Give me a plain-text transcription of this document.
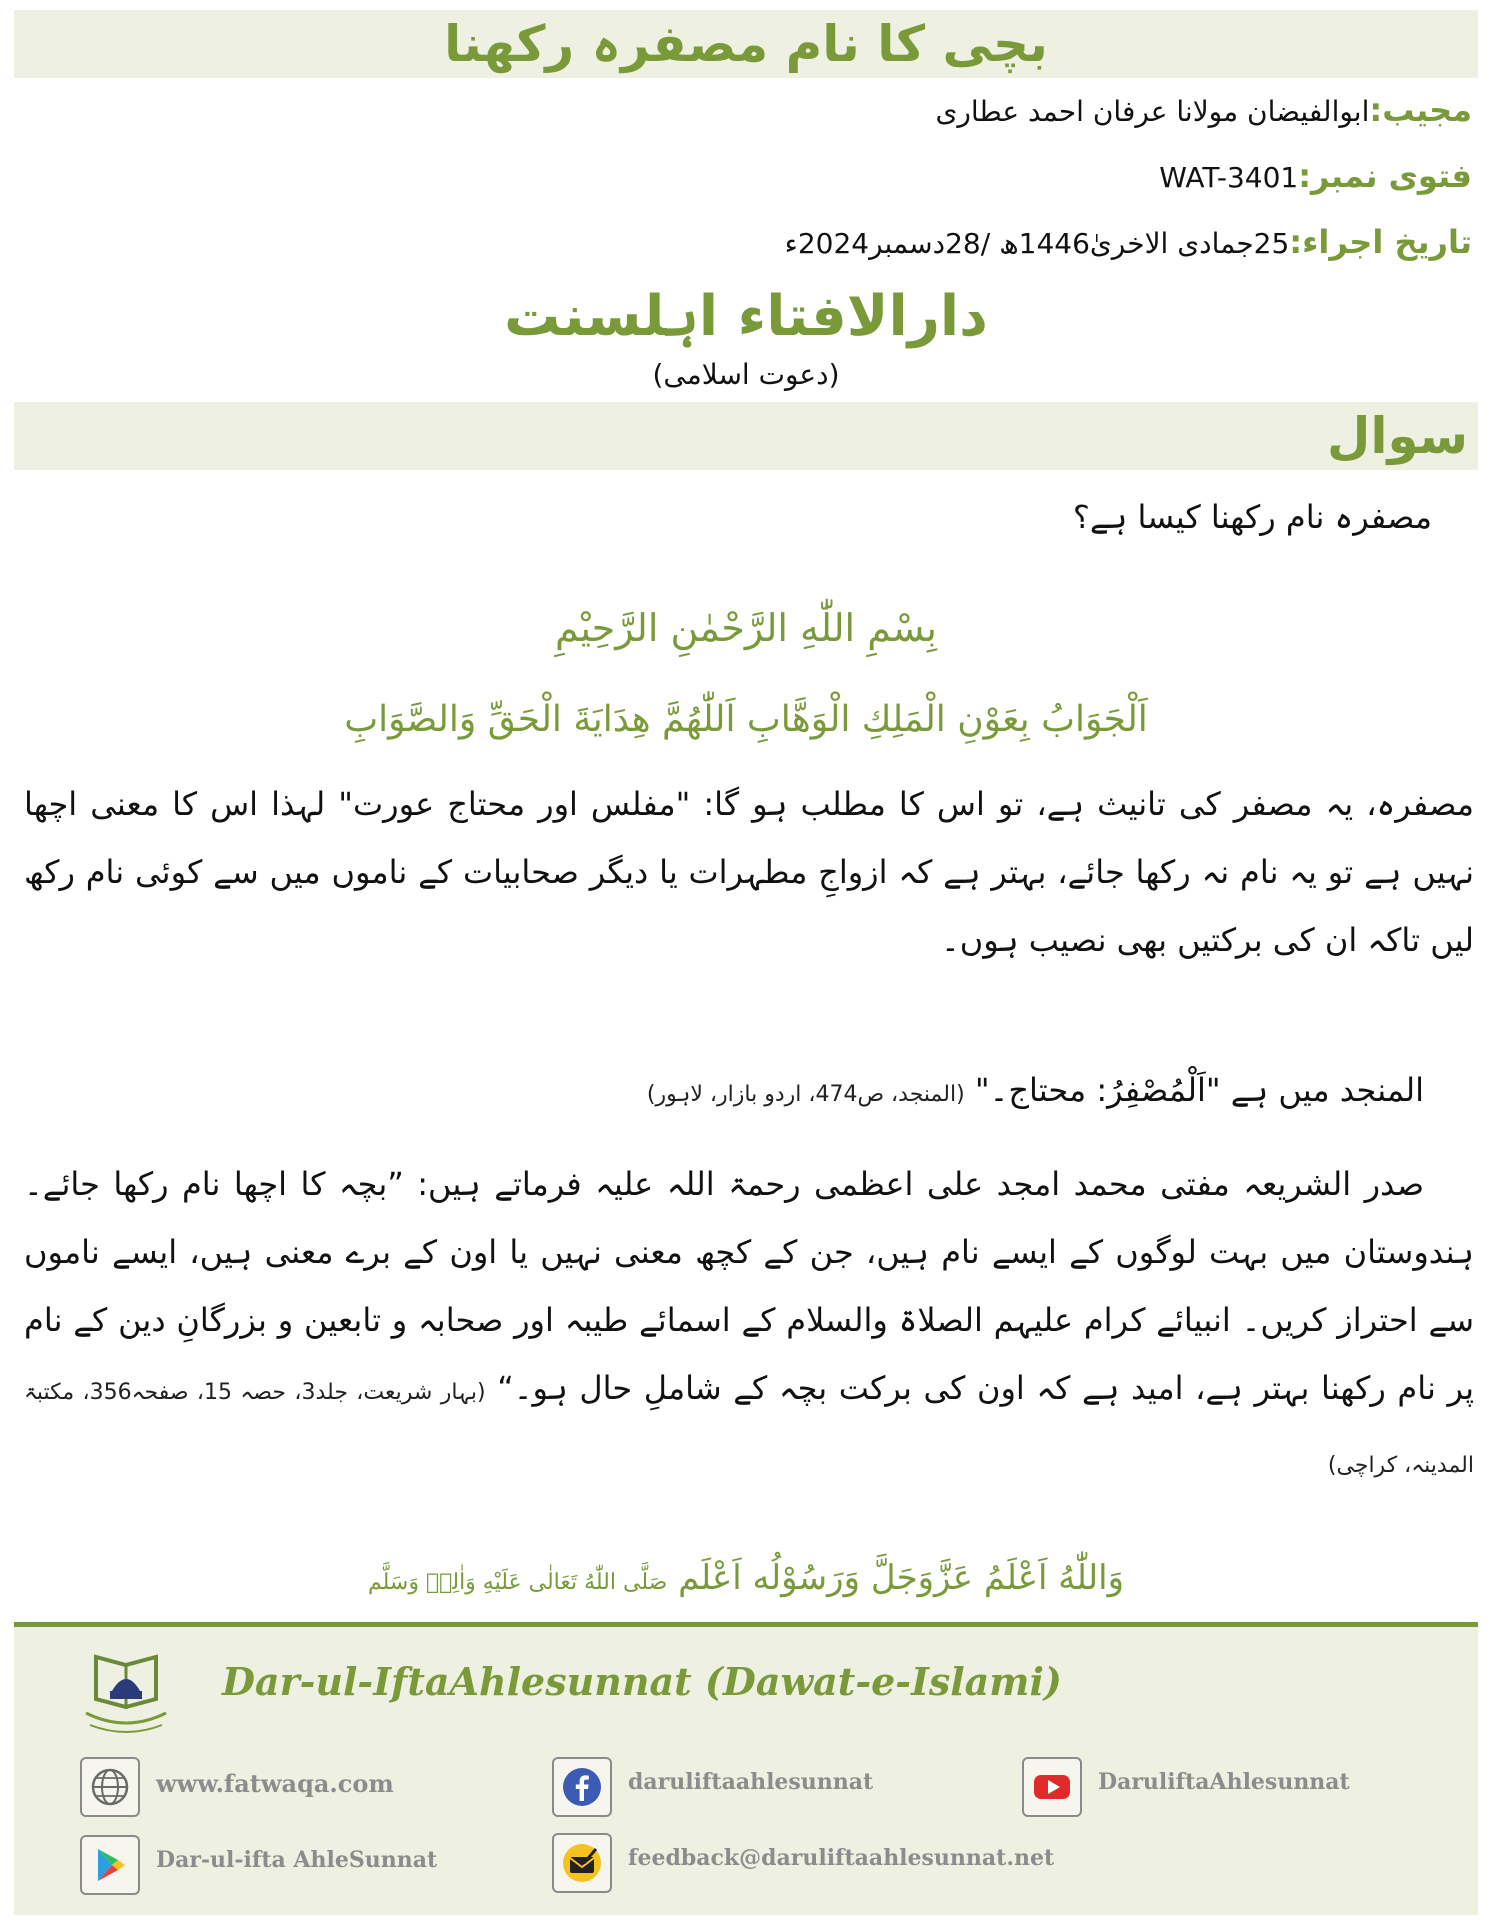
بچی کا نام مصفرہ رکھنا
مجیب:ابوالفیضان مولانا عرفان احمد عطاری
فتوی نمبر:WAT-3401
تاریخ اجراء:25جمادی الاخریٰ1446ھ /28دسمبر2024ء
دارالافتاء اہلسنت
(دعوت اسلامی)
سوال
مصفرہ نام رکھنا کیسا ہے؟
بِسْمِ اللّٰهِ الرَّحْمٰنِ الرَّحِيْمِ
اَلْجَوَابُ بِعَوْنِ الْمَلِكِ الْوَهَّابِ اَللّٰهُمَّ هِدَايَةَ الْحَقِّ وَالصَّوَابِ
مصفرہ، یہ مصفر کی تانیث ہے، تو اس کا مطلب ہو گا: "مفلس اور محتاج عورت" لہذا اس کا معنی اچھا نہیں ہے تو یہ نام نہ رکھا جائے، بہتر ہے کہ ازواجِ مطہرات یا دیگر صحابیات کے ناموں میں سے کوئی نام رکھ لیں تاکہ ان کی برکتیں بھی نصیب ہوں۔
المنجد میں ہے "اَلْمُصْفِرُ: محتاج۔" (المنجد، ص474، اردو بازار، لاہور)
صدر الشریعہ مفتی محمد امجد علی اعظمی رحمۃ اللہ علیہ فرماتے ہیں: ”بچہ کا اچھا نام رکھا جائے۔ ہندوستان میں بہت لوگوں کے ایسے نام ہیں، جن کے کچھ معنی نہیں یا اون کے برے معنی ہیں، ایسے ناموں سے احتراز کریں۔ انبیائے کرام علیہم الصلاۃ والسلام کے اسمائے طیبہ اور صحابہ و تابعین و بزرگانِ دین کے نام پر نام رکھنا بہتر ہے، امید ہے کہ اون کی برکت بچہ کے شاملِ حال ہو۔“ (بہار شریعت، جلد3، حصہ 15، صفحہ356، مکتبۃ المدینہ، کراچی)
وَاللّٰهُ اَعْلَمُ عَزَّوَجَلَّ وَرَسُوْلُه اَعْلَم صَلَّی اللّٰهُ تَعَالٰی عَلَيْهِ وَاٰلِهٖ وَسَلَّم
Dar-ul-IftaAhlesunnat (Dawat-e-Islami)
www.fatwaqa.com	daruliftaahlesunnat	DaruliftaAhlesunnat
Dar-ul-ifta AhleSunnat	feedback@daruliftaahlesunnat.net
